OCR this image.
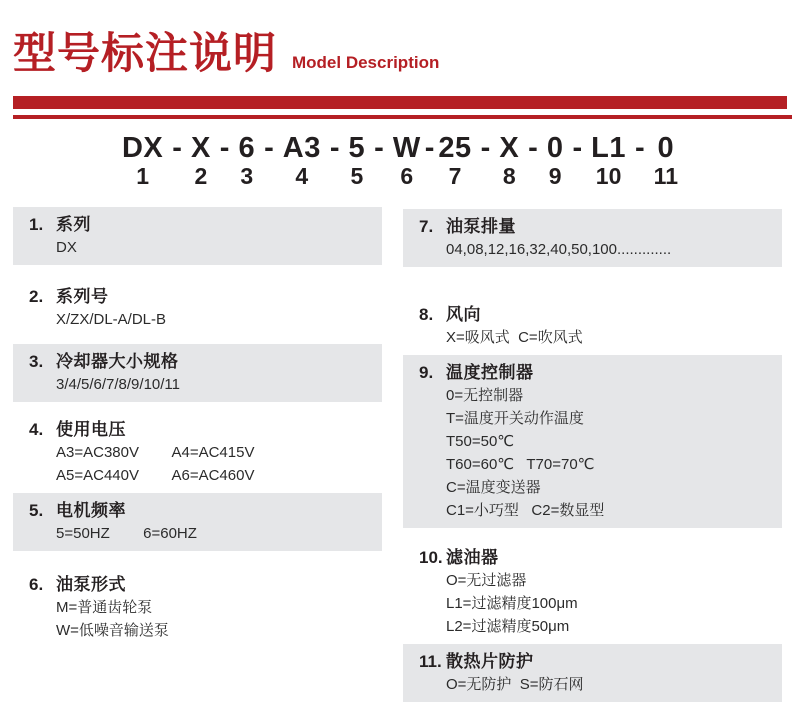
型号标注说明 Model Description
DX
1
- X
2
- 6
3
- A3
4
- 5
5
- W
6
- 25
7
- X
8
- 0
9
- L1
10
- 0
11
1. 系列
DX
2. 系列号
X/ZX/DL-A/DL-B
3. 冷却器大小规格
3/4/5/6/7/8/9/10/11
4. 使用电压
A3=AC380V        A4=AC415V
A5=AC440V        A6=AC460V
5. 电机频率
5=50HZ        6=60HZ
6. 油泵形式
M=普通齿轮泵
W=低噪音输送泵
7. 油泵排量
04,08,12,16,32,40,50,100.............
8. 风向
X=吸风式  C=吹风式
9. 温度控制器
0=无控制器
T=温度开关动作温度
T50=50℃
T60=60℃   T70=70℃
C=温度变送器
C1=小巧型   C2=数显型
10. 滤油器
O=无过滤器
L1=过滤精度100μm
L2=过滤精度50μm
11. 散热片防护
O=无防护  S=防石网
